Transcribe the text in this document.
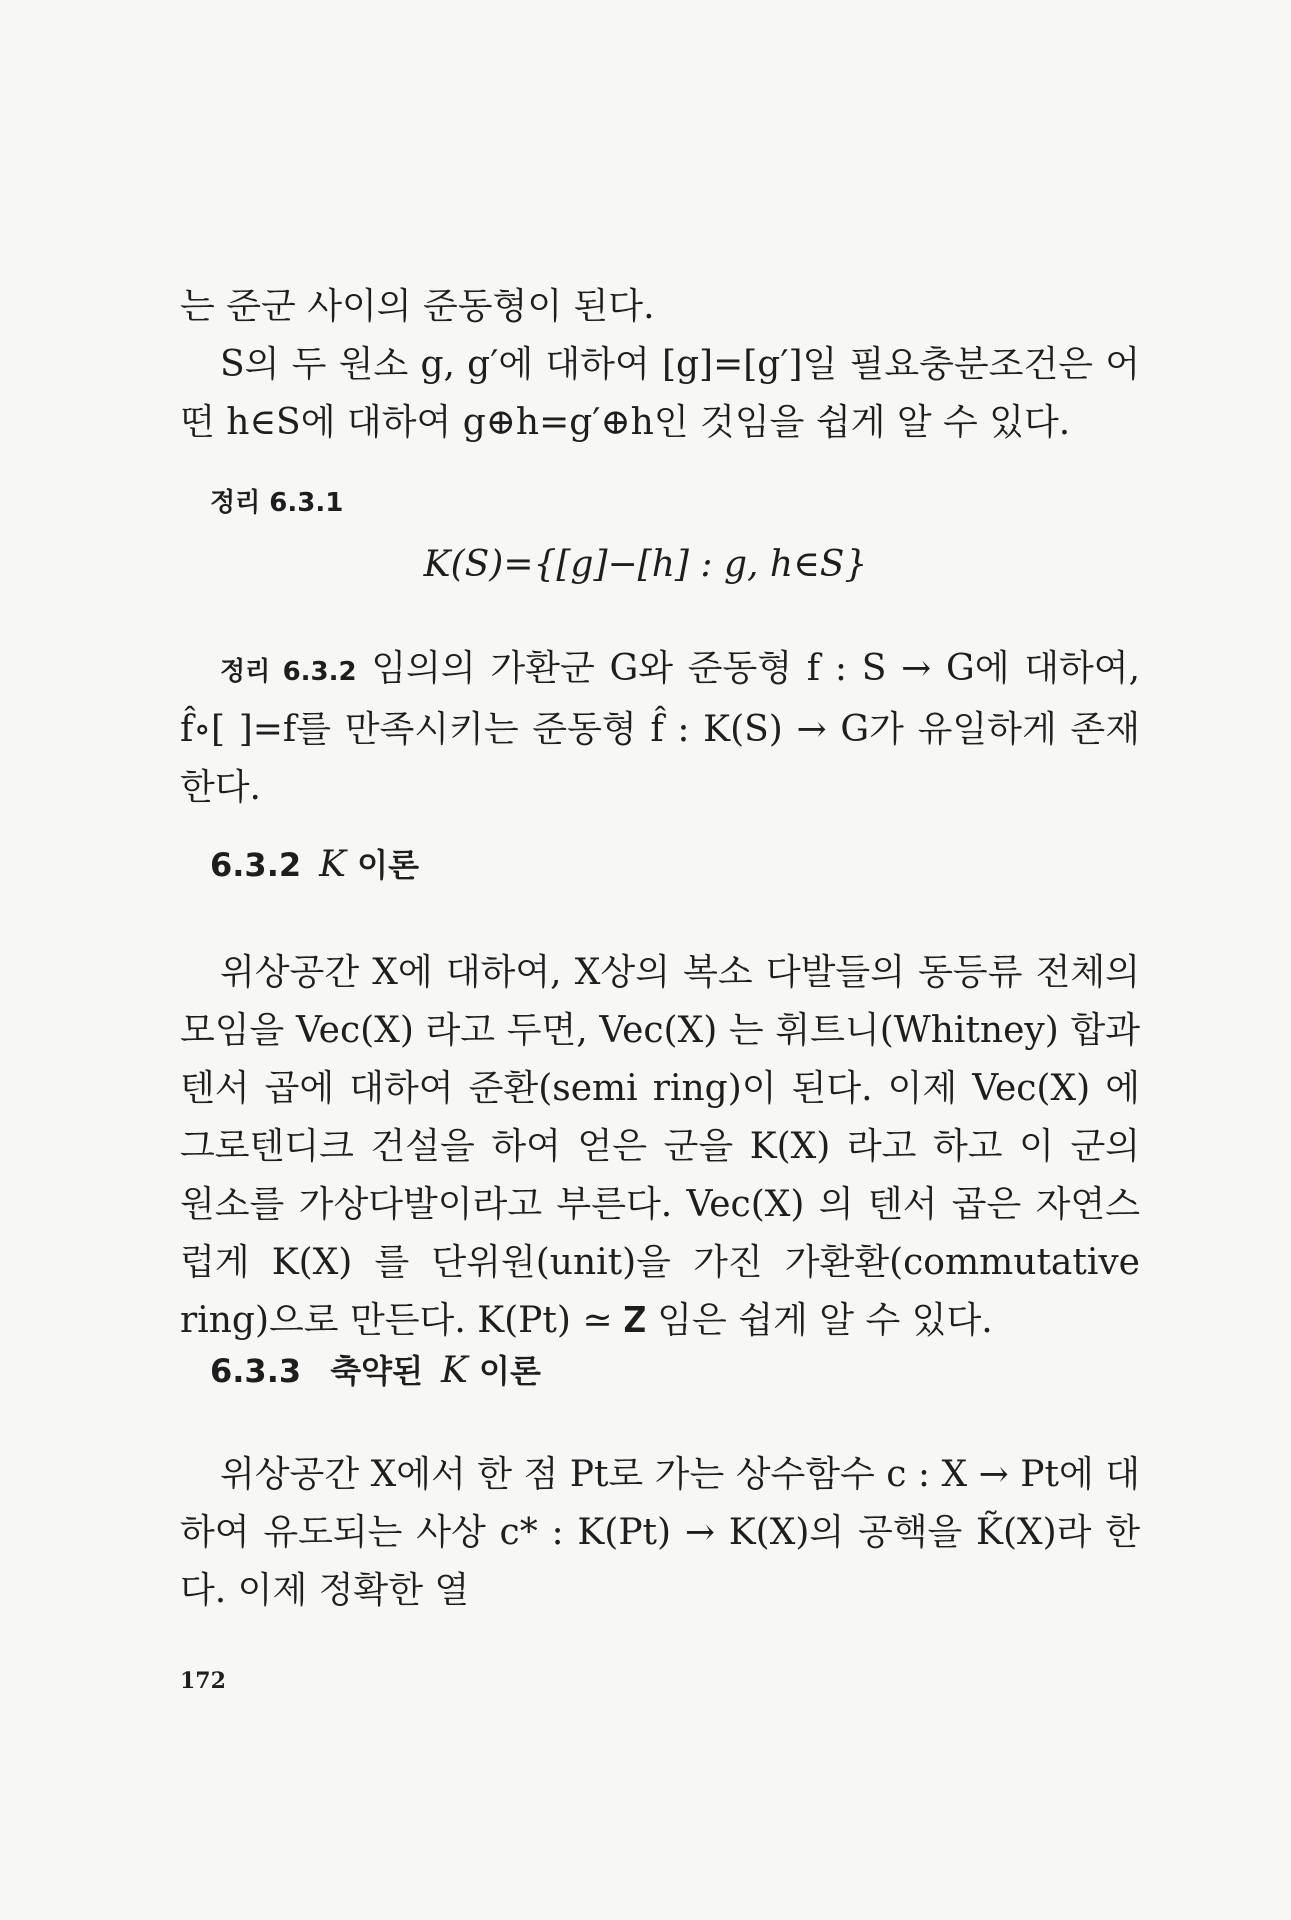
는 준군 사이의 준동형이 된다.
S의 두 원소 g, g′에 대하여 [g]=[g′]일 필요충분조건은 어떤 h∈S에 대하여 g⊕h=g′⊕h인 것임을 쉽게 알 수 있다.
정리 6.3.1
K(S)={[g]−[h] : g, h∈S}
정리 6.3.2 임의의 가환군 G와 준동형 f : S → G에 대하여, f̂∘[ ]=f를 만족시키는 준동형 f̂ : K(S) → G가 유일하게 존재한다.
6.3.2 K 이론
위상공간 X에 대하여, X상의 복소 다발들의 동등류 전체의 모임을 Vec(X) 라고 두면, Vec(X) 는 휘트니(Whitney) 합과 텐서 곱에 대하여 준환(semi ring)이 된다. 이제 Vec(X) 에 그로텐디크 건설을 하여 얻은 군을 K(X) 라고 하고 이 군의 원소를 가상다발이라고 부른다. Vec(X) 의 텐서 곱은 자연스럽게 K(X) 를 단위원(unit)을 가진 가환환(commutative ring)으로 만든다. K(Pt) ≃ 𝐙 임은 쉽게 알 수 있다.
6.3.3 축약된 K 이론
위상공간 X에서 한 점 Pt로 가는 상수함수 c : X → Pt에 대하여 유도되는 사상 c* : K(Pt) → K(X)의 공핵을 K̃(X)라 한다. 이제 정확한 열
172
